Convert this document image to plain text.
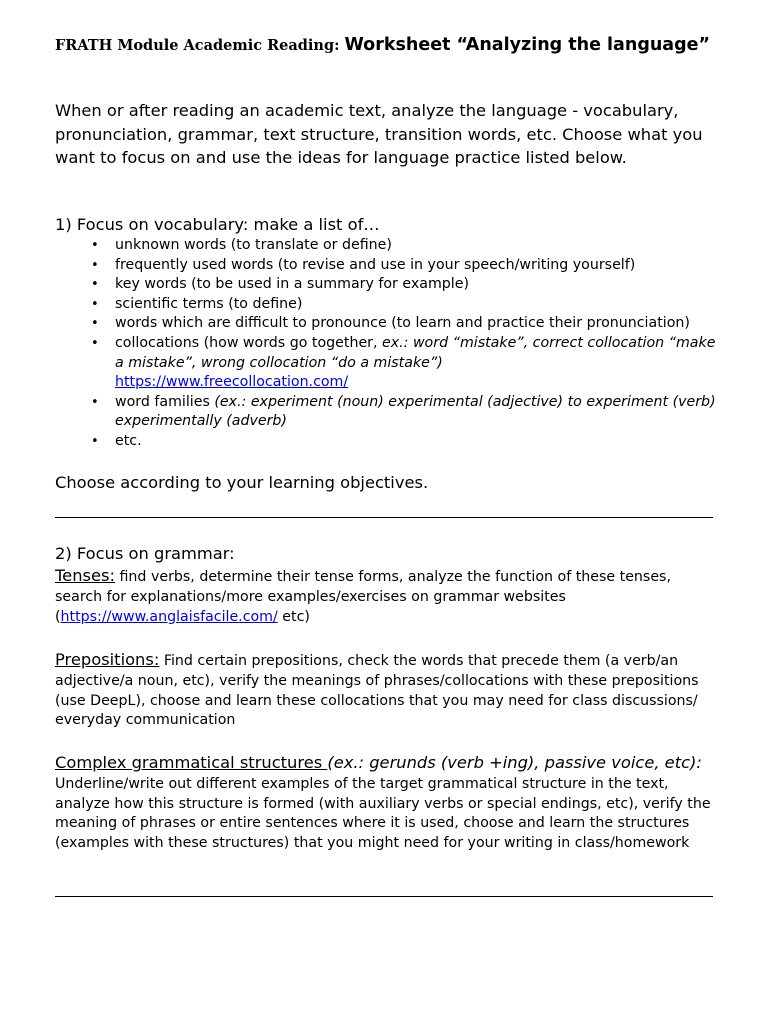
FRATH Module Academic Reading: Worksheet “Analyzing the language”
When or after reading an academic text, analyze the language - vocabulary, pronunciation, grammar, text structure, transition words, etc. Choose what you want to focus on and use the ideas for language practice listed below.
1) Focus on vocabulary: make a list of…
• unknown words (to translate or define)
• frequently used words (to revise and use in your speech/writing yourself)
• key words (to be used in a summary for example)
• scientific terms (to define)
• words which are difficult to pronounce (to learn and practice their pronunciation)
• collocations (how words go together, ex.: word “mistake”, correct collocation “make a mistake”, wrong collocation “do a mistake”)
https://www.freecollocation.com/
• word families (ex.: experiment (noun) experimental (adjective) to experiment (verb) experimentally (adverb)
• etc.
Choose according to your learning objectives.
2) Focus on grammar:
Tenses: find verbs, determine their tense forms, analyze the function of these tenses, search for explanations/more examples/exercises on grammar websites (https://www.anglaisfacile.com/ etc)
Prepositions: Find certain prepositions, check the words that precede them (a verb/an adjective/a noun, etc), verify the meanings of phrases/collocations with these prepositions (use DeepL), choose and learn these collocations that you may need for class discussions/ everyday communication
Complex grammatical structures (ex.: gerunds (verb +ing), passive voice, etc): Underline/write out different examples of the target grammatical structure in the text, analyze how this structure is formed (with auxiliary verbs or special endings, etc), verify the meaning of phrases or entire sentences where it is used, choose and learn the structures (examples with these structures) that you might need for your writing in class/homework
